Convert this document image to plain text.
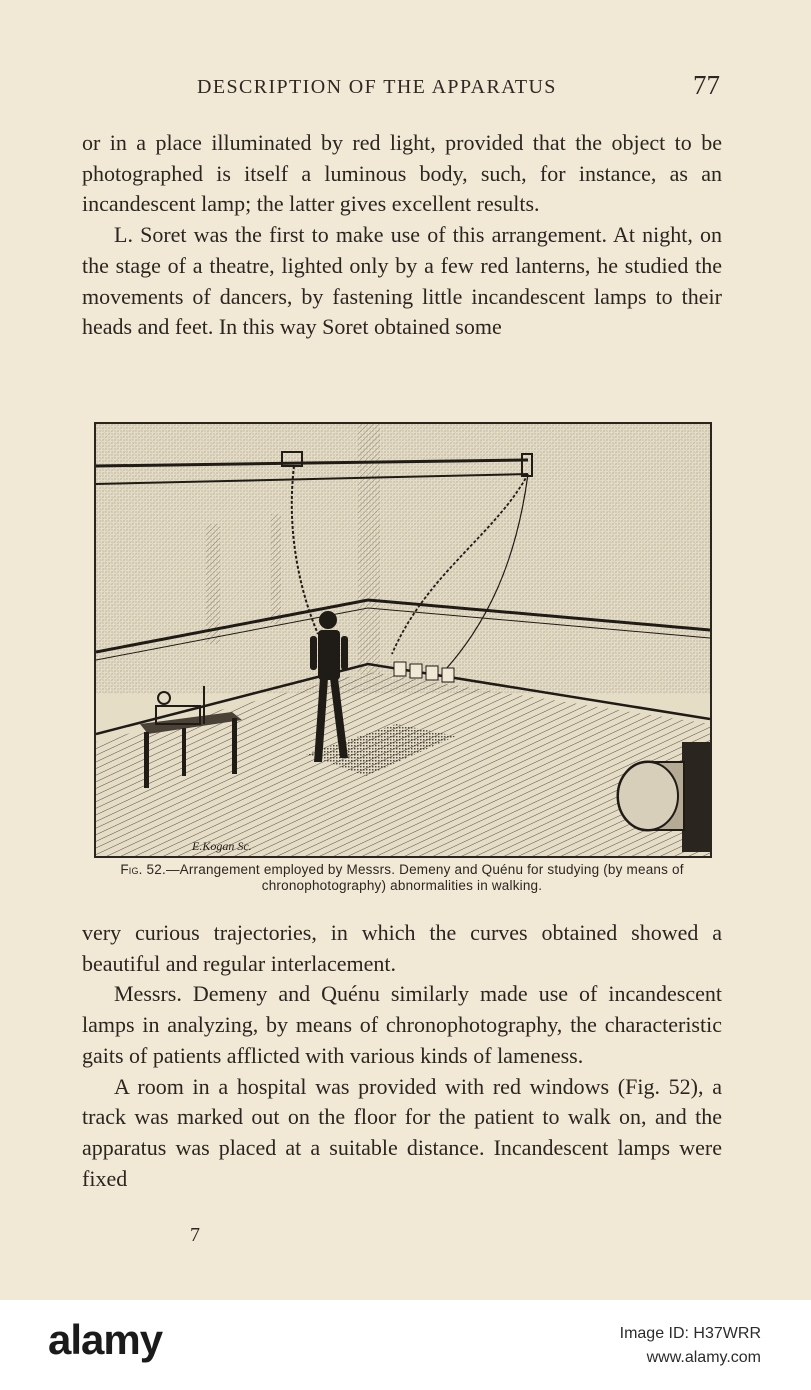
DESCRIPTION OF THE APPARATUS	77

or in a place illuminated by red light, provided that the object to be photographed is itself a luminous body, such, for instance, as an incandescent lamp; the latter gives excellent results.

L. Soret was the first to make use of this arrangement. At night, on the stage of a theatre, lighted only by a few red lanterns, he studied the movements of dancers, by fastening little incandescent lamps to their heads and feet. In this way Soret obtained some

E.Kogan Sc.
Fig. 52.—Arrangement employed by Messrs. Demeny and Quénu for studying (by means of chronophotography) abnormalities in walking.

very curious trajectories, in which the curves obtained showed a beautiful and regular interlacement.

Messrs. Demeny and Quénu similarly made use of incandescent lamps in analyzing, by means of chronophotography, the characteristic gaits of patients afflicted with various kinds of lameness.

A room in a hospital was provided with red windows (Fig. 52), a track was marked out on the floor for the patient to walk on, and the apparatus was placed at a suitable distance. Incandescent lamps were fixed

7
alamy	Image ID: H37WRR
www.alamy.com
